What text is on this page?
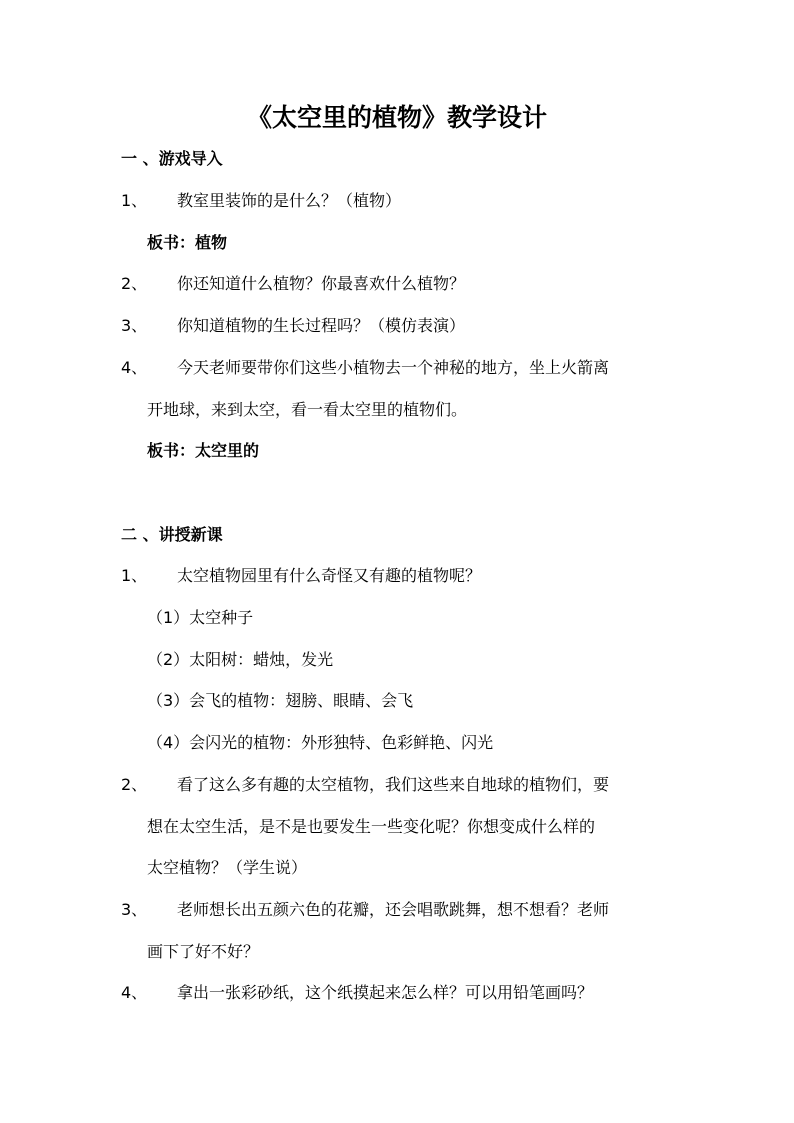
《太空里的植物》教学设计
一 、游戏导入
1、 教室里装饰的是什么？（植物）
板书：植物
2、 你还知道什么植物？你最喜欢什么植物？
3、 你知道植物的生长过程吗？（模仿表演）
4、 今天老师要带你们这些小植物去一个神秘的地方，坐上火箭离
开地球，来到太空，看一看太空里的植物们。
板书：太空里的
二 、讲授新课
1、 太空植物园里有什么奇怪又有趣的植物呢？
（1）太空种子
（2）太阳树：蜡烛，发光
（3）会飞的植物：翅膀、眼睛、会飞
（4）会闪光的植物：外形独特、色彩鲜艳、闪光
2、 看了这么多有趣的太空植物，我们这些来自地球的植物们，要
想在太空生活，是不是也要发生一些变化呢？你想变成什么样的
太空植物？（学生说）
3、 老师想长出五颜六色的花瓣，还会唱歌跳舞，想不想看？老师
画下了好不好？
4、 拿出一张彩砂纸，这个纸摸起来怎么样？可以用铅笔画吗？
